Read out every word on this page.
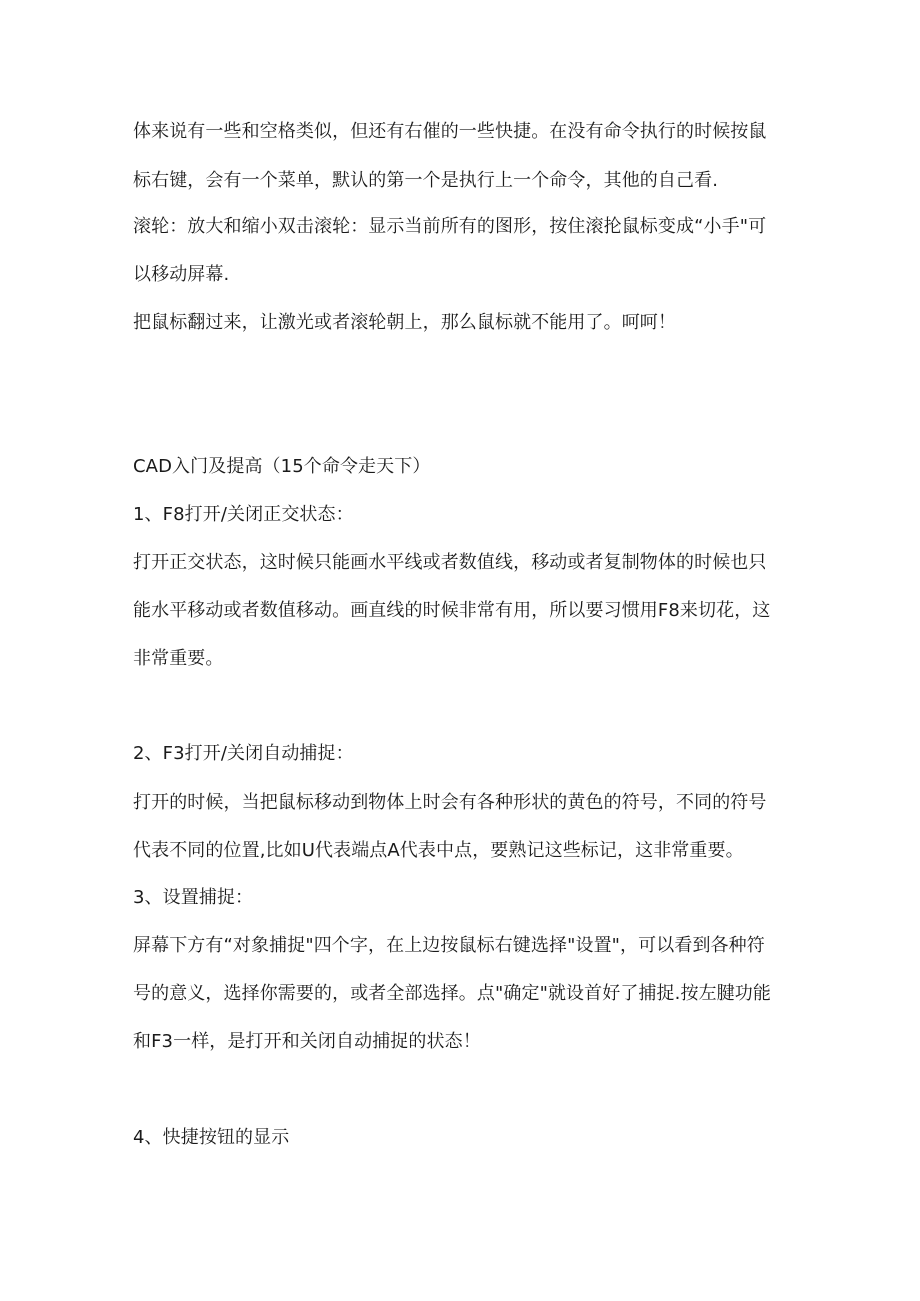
体来说有一些和空格类似，但还有右催的一些快捷。在没有命令执行的时候按鼠

标右键，会有一个菜单，默认的第一个是执行上一个命令，其他的自己看.

滚轮：放大和缩小双击滚轮：显示当前所有的图形，按住滚抡鼠标变成“小手"可

以移动屏幕.

把鼠标翻过来，让激光或者滚轮朝上，那么鼠标就不能用了。呵呵！

CAD入门及提高（15个命令走天下）

1、F8打开/关闭正交状态：

打开正交状态，这时候只能画水平线或者数值线，移动或者复制物体的时候也只

能水平移动或者数值移动。画直线的时候非常有用，所以要习惯用F8来切花，这

非常重要。

2、F3打开/关闭自动捕捉：

打开的时候，当把鼠标移动到物体上时会有各种形状的黄色的符号，不同的符号

代表不同的位置,比如U代表端点A代表中点，要熟记这些标记，这非常重要。

3、设置捕捉：

屏幕下方有“对象捕捉"四个字，在上边按鼠标右键选择"设置"，可以看到各种符

号的意义，选择你需要的，或者全部选择。点"确定"就设首好了捕捉.按左腱功能

和F3一样，是打开和关闭自动捕捉的状态！

4、快捷按钮的显示
